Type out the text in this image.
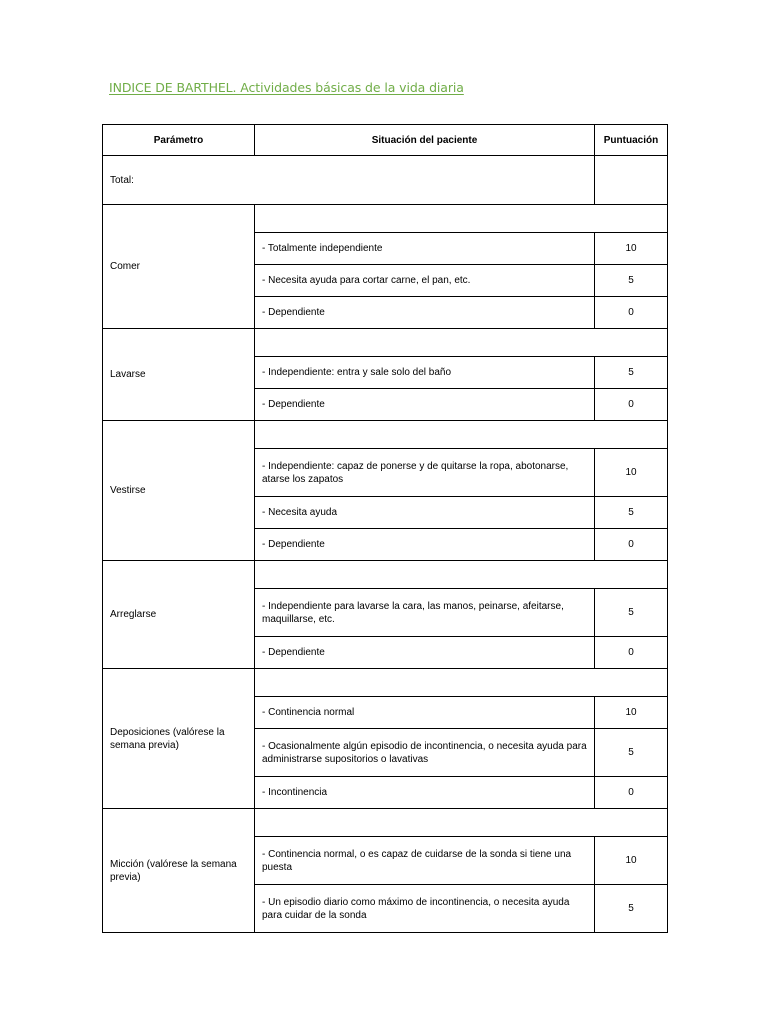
INDICE DE BARTHEL. Actividades básicas de la vida diaria
Parámetro	Situación del paciente	Puntuación
Total:		
Comer		
	- Totalmente independiente	10
	- Necesita ayuda para cortar carne, el pan, etc.	5
	- Dependiente	0
Lavarse		
	- Independiente: entra y sale solo del baño	5
	- Dependiente	0
Vestirse		
	- Independiente: capaz de ponerse y de quitarse la ropa, abotonarse, atarse los zapatos	10
	- Necesita ayuda	5
	- Dependiente	0
Arreglarse		
	- Independiente para lavarse la cara, las manos, peinarse, afeitarse, maquillarse, etc.	5
	- Dependiente	0
Deposiciones (valórese la semana previa)		
	- Continencia normal	10
	- Ocasionalmente algún episodio de incontinencia, o necesita ayuda para administrarse supositorios o lavativas	5
	- Incontinencia	0
Micción (valórese la semana previa)		
	- Continencia normal, o es capaz de cuidarse de la sonda si tiene una puesta	10
	- Un episodio diario como máximo de incontinencia, o necesita ayuda para cuidar de la sonda	5
